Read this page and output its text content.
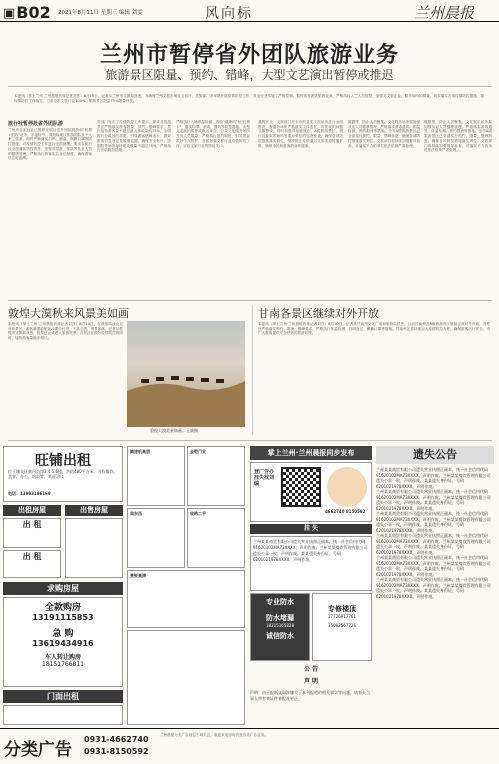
▣B02 2021年8月11日 星期三 编辑 刘雯	风向标	兰州晨报
兰州市暂停省外团队旅游业务
旅游景区限量、预约、错峰，大型文艺演出暂停或推迟
本报讯（掌上兰州·兰州晨报首席记者刘莎）8月10日，记者从兰州市文旅局获悉，为确保兰州文旅市场安全有序，文旅部门多举措开展疫情防控工作，对全行业实施了严管控制。暂停省外团队旅游业务，严格执行入兰人员管控，加强对文旅企业、服务场所的排查，切实落实各项疫情防控措施，将疫情防控工作落实，力求全市文旅行业100%，旅游景区限量75%限量开放。
旅行社暂停赴省外团队游
兰州市各旅行社已暂停开展赴省外团队旅游和"机票+酒店"业务，不接待中、高风险地区旅游团队及个人来兰旅游，同时严格落实扫码、测温、佩戴口罩等防控措施，对疫情防控工作进行全面部署。要求各旅行社全面落实防控责任，加强对导游、领队等从业人员的健康管理，严格执行游客实名登记制度，确保游客信息可追溯。
资部门发布了疫情防控工作提示，要求各旅游景区严格落实游客限量、预约、错峰要求，景区接待游客量不超过最大承载量的75%，全面推行分时预约游览，引导游客错峰出行，做好游客信息登记及健康监测，确保安全有序。影剧院等场馆接待观众数量不超过75%，严格执行各项防控措施。
严格执行入场体温检测、查验"健康码"和"行程卡"，落实口罩、消毒、通风等防控措施。大型文艺演出暂停或推迟举办，公共文化服务场所开放人员限量，严格执行预约制度，引导群众做好个人防护，全面加强文旅行业疫情防控工作，守好文旅行业的防疫关口。
我的安全，文旅部门对全市的各类文旅场所进行全面排查，督促各场所严格落实主体责任，对发现的问题立即整改。同时加强对星级饭店、A级旅游景区、旅行社及娱乐场所等重点单位的巡查检查，确保各项防控措施落实到位，坚决防止疫情通过文旅渠道传播扩散，确保市民和游客的身体健康。
数据等，防止人员聚集。文化娱乐场所要加强从业人员健康管理，严格落实消毒通风、体温检测、预约限流等措施。全市A级旅游景区已全部实行预约、限量、错峰游览，确保各项防控措施落实到位。文旅部门将持续加强督导检查，对落实不力的单位依法依规严肃处理。
数据等，防止人员聚集。文化娱乐场所要加强从业人员健康管理，严格落实消毒通风、体温检测、预约限流等措施。全市A级旅游景区已全部实行预约、限量、错峰游览，确保各项防控措施落实到位。文旅部门将持续加强督导检查，对落实不力的单位依法依规严肃处理。
敦煌大漠秋来风景美如画
本报讯（掌上兰州·兰州晨报首席记者刘莎）8月10日，在敦煌鸣沙山月牙泉景区，游客骑着骆驼在沙漠中行进，天高云淡，风景如画。记者从敦煌市文旅局获悉，敦煌已正式进入旅游旺季，各景区在做好疫情防控的同时，接待游客量稳步增长。
敦煌大漠美景如画。王斌摄
甘南各景区继续对外开放
本报讯（掌上兰州·兰州晨报首席记者刘莎）8月10日，记者从甘南州文化广电和旅游局获悉，目前甘南州各A级旅游景区继续正常对外开放，各景区严格落实预约、限流、错峰要求，严格执行体温检测、扫码登记、佩戴口罩等措施。甘南州还将持续加大疫情防控力度，确保游客出行安全，为广大游客提供安全舒适的旅游环境。
旺铺出租
位于城关区黄河沿岸3.4.5.6楼，共约480平方米，可作餐饮、美容、办公、培训等，欢迎洽谈
电话：13993186169
出租房屋	出售房屋
出 租
出 租
求购房屋
全款购房
13191115853
急 购
13619434916
车人转让购房
18151766811
门面出租
减速机高层	金铠门业
卖东西	收购二手
亮锐高清
掌上兰州·兰州晨报同步发布
登广告办挂失找刘编
4662740 8150592
挂 失
兰州某某商贸有限公司遗失营业执照正副本，统一社会信用代码91620102MA73XXXX，声明作废。兰州某某餐饮管理有限公司遗失公章一枚，声明作废。某某遗失身份证，号码6201021978XXXX，声明作废。
专业防水
防水堵漏
18215165828
诚信防水
专修楼顶
17726917761
15002567726
公 告
声 明
声明：由于报纸文章涉嫌关于本刊报道的相关事实等问题，请有关当事人带有效证件来报社更正。
遗失公告
兰州某某商贸有限公司遗失营业执照正副本，统一社会信用代码91620102MA73XXXX，声明作废。兰州某某餐饮管理有限公司遗失公章一枚，声明作废。某某遗失身份证，号码6201021978XXXX，声明作废。
兰州某某商贸有限公司遗失营业执照正副本，统一社会信用代码91620102MA73XXXX，声明作废。兰州某某餐饮管理有限公司遗失公章一枚，声明作废。某某遗失身份证，号码6201021978XXXX，声明作废。
兰州某某商贸有限公司遗失营业执照正副本，统一社会信用代码91620102MA73XXXX，声明作废。兰州某某餐饮管理有限公司遗失公章一枚，声明作废。某某遗失身份证，号码6201021978XXXX，声明作废。
兰州某某商贸有限公司遗失营业执照正副本，统一社会信用代码91620102MA73XXXX，声明作废。兰州某某餐饮管理有限公司遗失公章一枚，声明作废。某某遗失身份证，号码6201021978XXXX，声明作废。
兰州某某商贸有限公司遗失营业执照正副本，统一社会信用代码91620102MA73XXXX，声明作废。兰州某某餐饮管理有限公司遗失公章一枚，声明作废。某某遗失身份证，号码6201021978XXXX，声明作废。
兰州某某商贸有限公司遗失营业执照正副本，统一社会信用代码91620102MA73XXXX，声明作废。兰州某某餐饮管理有限公司遗失公章一枚，声明作废。某某遗失身份证，号码6201021978XXXX，声明作废。
分类广告
0931-4662740
0931-8150592
兰州晨报分类广告部位于城关区，欢迎来电咨询刊登各类广告业务。
